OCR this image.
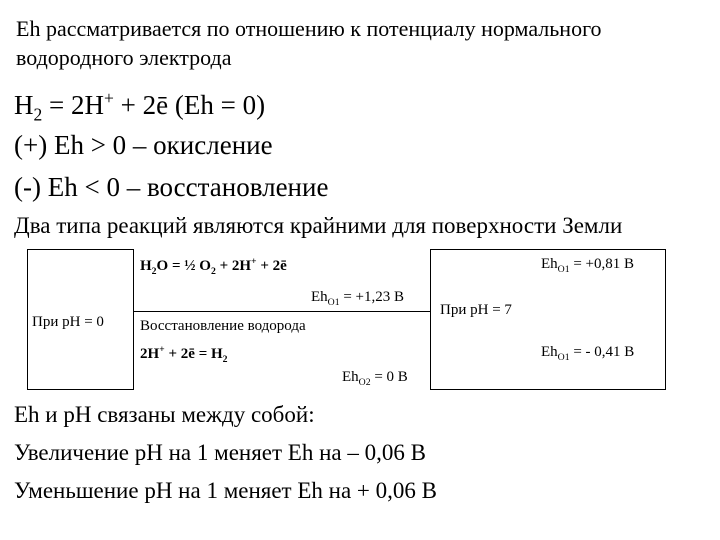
Eh рассматривается по отношению к потенциалу нормального водородного электрода
$H_2 = 2H^+$ + 2ē (Eh = 0)
(+) Eh > 0 – окисление
(-) Eh < 0 – восстановление
Два типа реакций являются крайними для поверхности Земли
При pH = 0
При pH = 7
$H_2O$ = ½ $O_2 + 2H^+$ + 2ē
$Eh_{O1} = +1,23$ В
$Eh_{O1} = +0,81$ В
Восстановление водорода
2H+ + 2ē = $H_2$
$Eh_{O2} = 0$ В
$Eh_{O1}$ = - 0,41 В
Eh и pH связаны между собой:
Увеличение pH на 1 меняет Eh на – 0,06 В
Уменьшение pH на 1 меняет Eh на + 0,06 В
